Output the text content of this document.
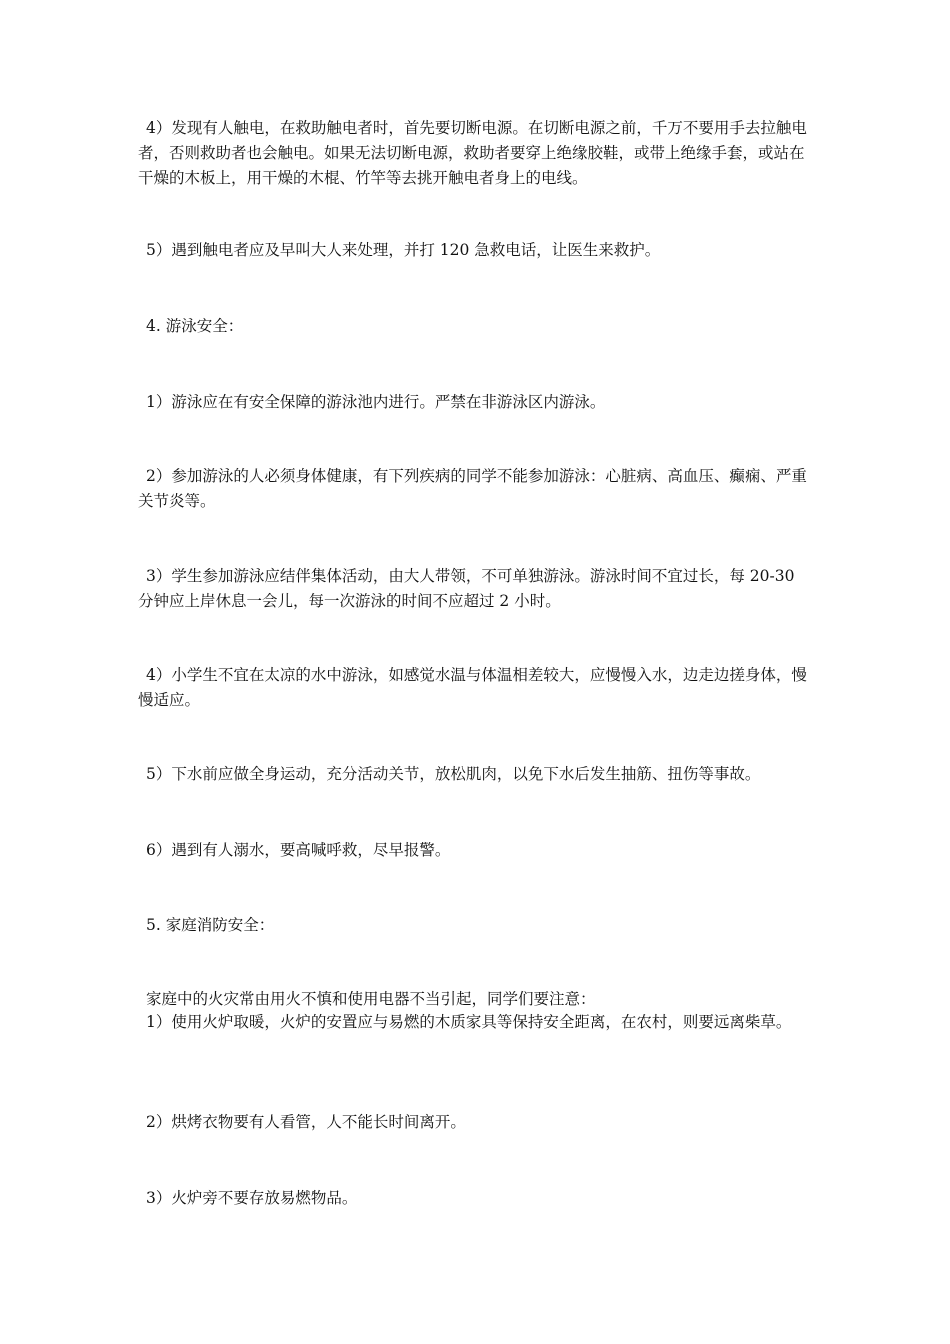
4）发现有人触电，在救助触电者时，首先要切断电源。在切断电源之前，千万不要用手去拉触电者，否则救助者也会触电。如果无法切断电源，救助者要穿上绝缘胶鞋，或带上绝缘手套，或站在干燥的木板上，用干燥的木棍、竹竿等去挑开触电者身上的电线。

5）遇到触电者应及早叫大人来处理，并打 120 急救电话，让医生来救护。

4. 游泳安全：

1）游泳应在有安全保障的游泳池内进行。严禁在非游泳区内游泳。

2）参加游泳的人必须身体健康，有下列疾病的同学不能参加游泳：心脏病、高血压、癫痫、严重关节炎等。

3）学生参加游泳应结伴集体活动，由大人带领，不可单独游泳。游泳时间不宜过长，每 20-30 分钟应上岸休息一会儿，每一次游泳的时间不应超过 2 小时。

4）小学生不宜在太凉的水中游泳，如感觉水温与体温相差较大，应慢慢入水，边走边搓身体，慢慢适应。

5）下水前应做全身运动，充分活动关节，放松肌肉，以免下水后发生抽筋、扭伤等事故。

6）遇到有人溺水，要高喊呼救，尽早报警。

5. 家庭消防安全：

家庭中的火灾常由用火不慎和使用电器不当引起，同学们要注意：

1）使用火炉取暖，火炉的安置应与易燃的木质家具等保持安全距离，在农村，则要远离柴草。

2）烘烤衣物要有人看管，人不能长时间离开。

3）火炉旁不要存放易燃物品。
